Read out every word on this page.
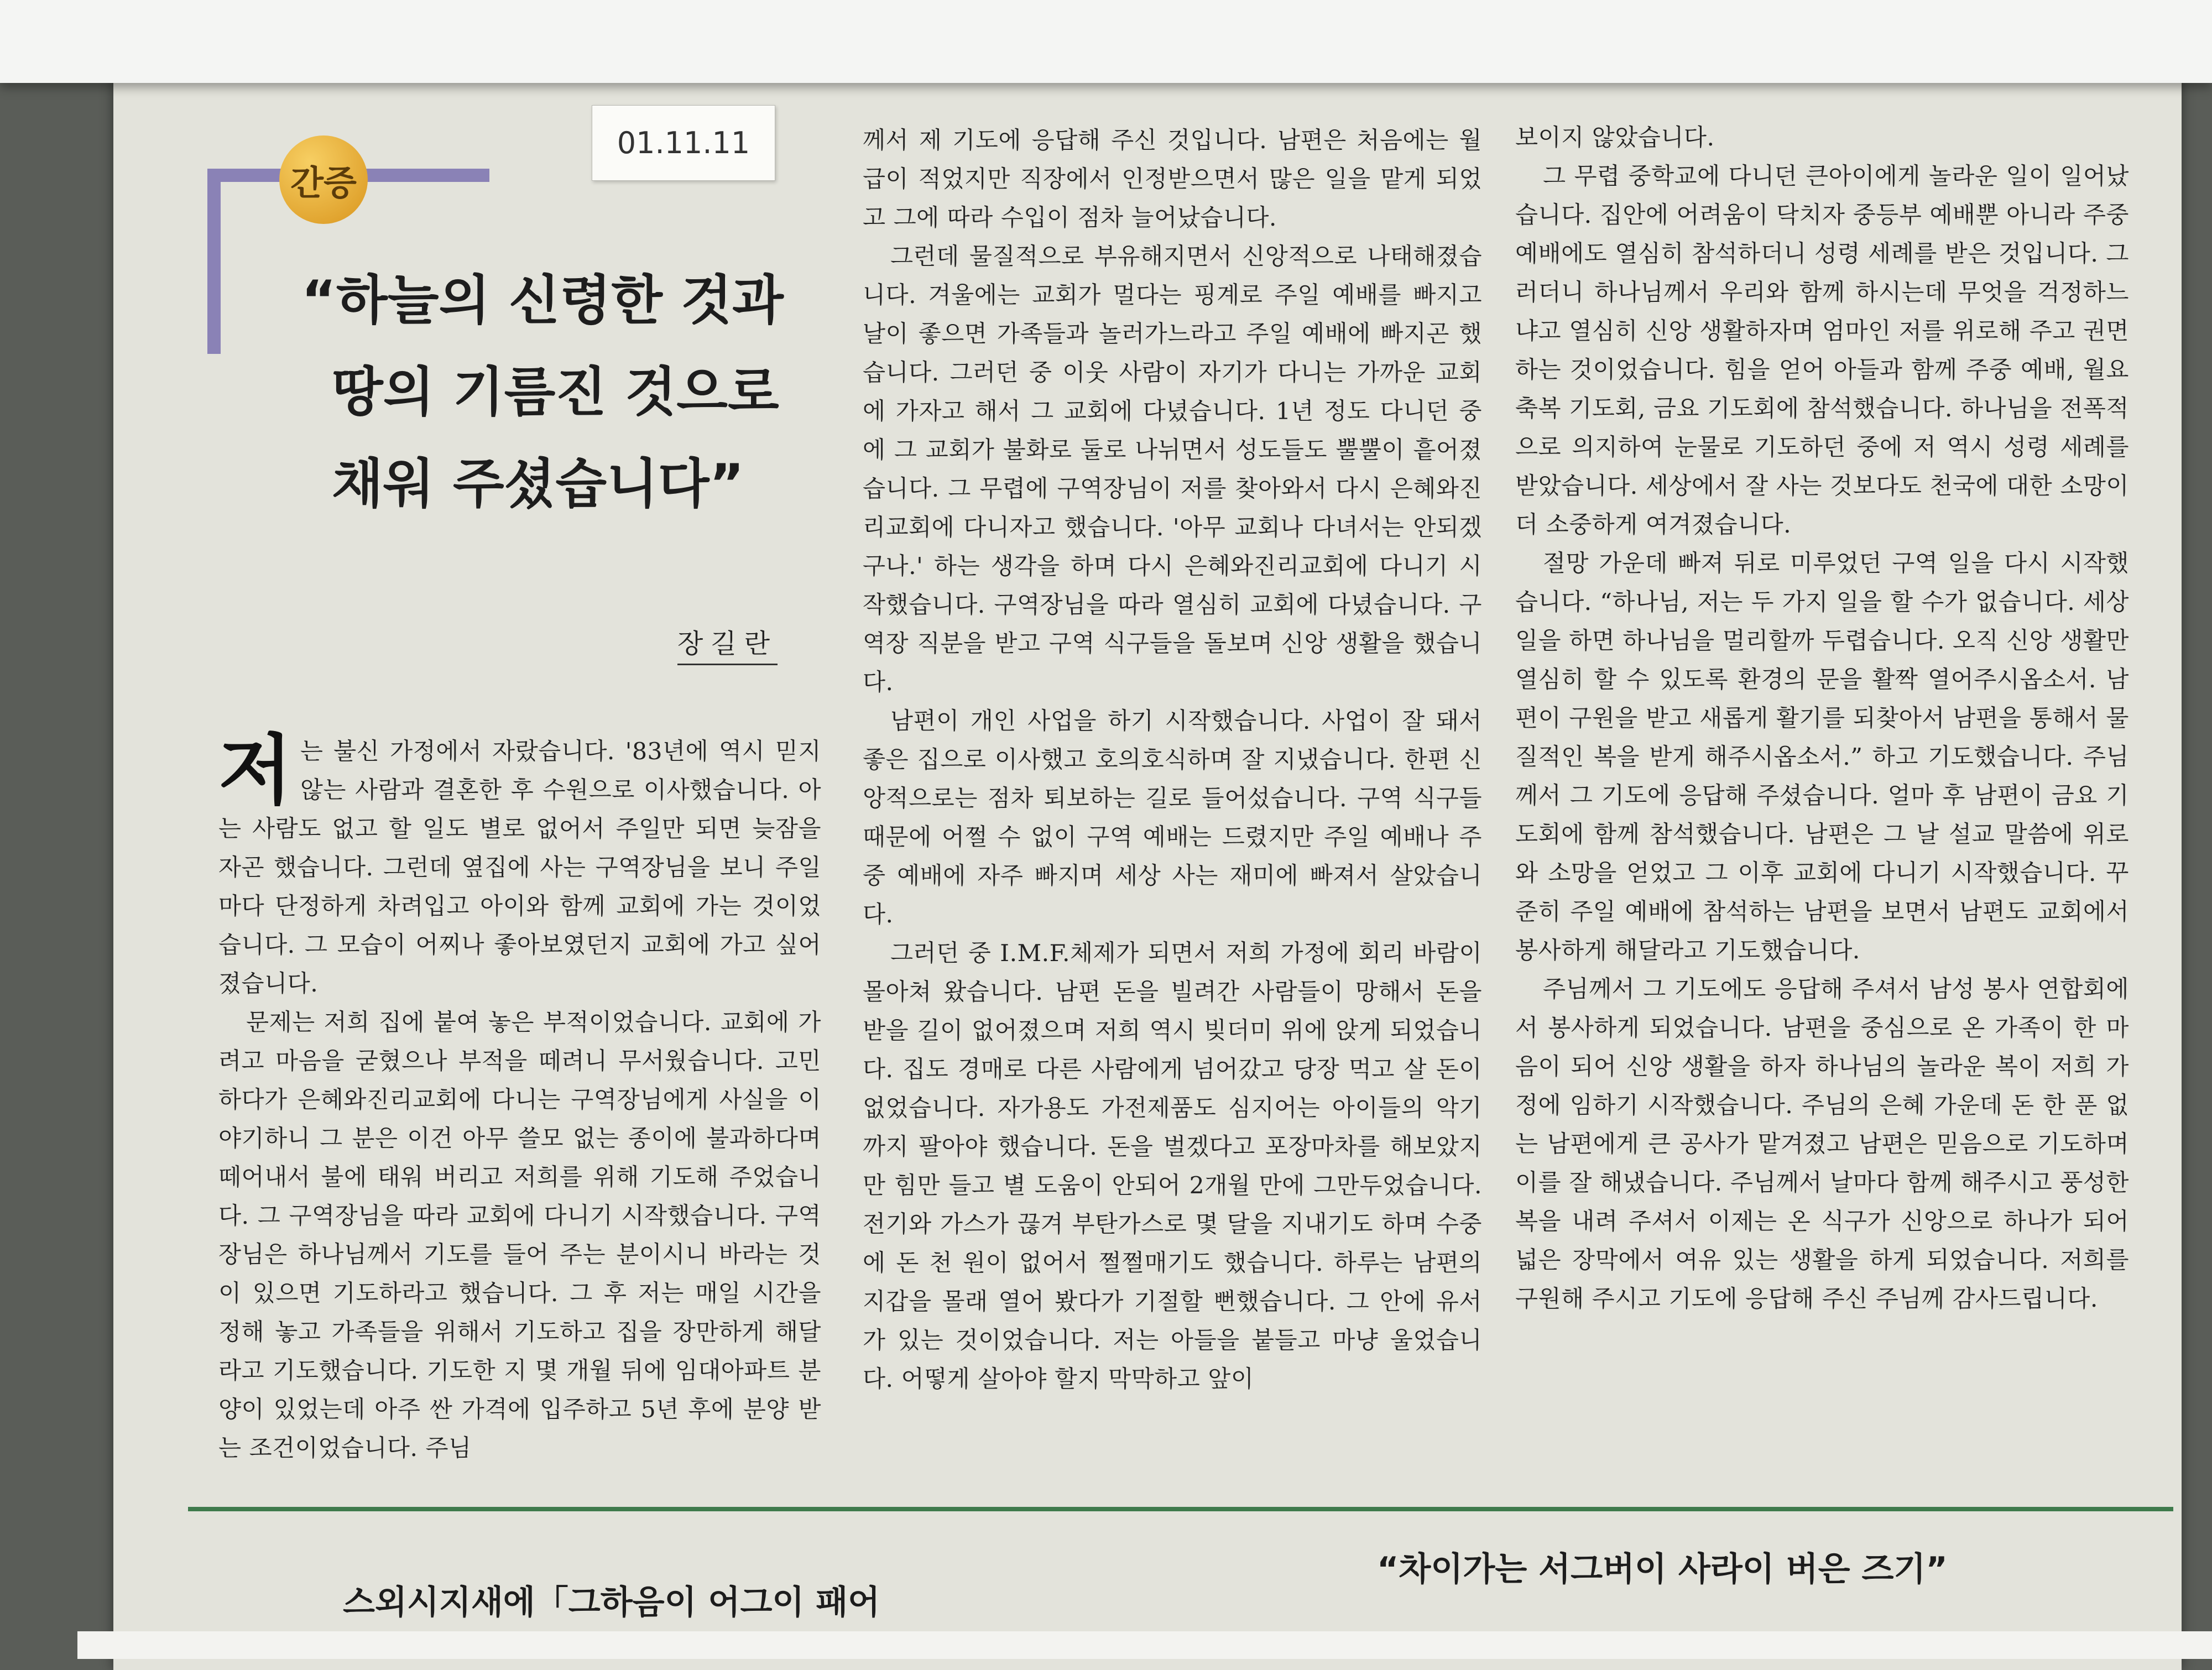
01.11.11
간증
“하늘의 신령한 것과
땅의 기름진 것으로
채워 주셨습니다”
장길란

저는 불신 가정에서 자랐습니다. '83년에 역시 믿지 않는 사람과 결혼한 후 수원으로 이사했습니다. 아는 사람도 없고 할 일도 별로 없어서 주일만 되면 늦잠을 자곤 했습니다. 그런데 옆집에 사는 구역장님을 보니 주일마다 단정하게 차려입고 아이와 함께 교회에 가는 것이었습니다. 그 모습이 어찌나 좋아보였던지 교회에 가고 싶어졌습니다.

문제는 저희 집에 붙여 놓은 부적이었습니다. 교회에 가려고 마음을 굳혔으나 부적을 떼려니 무서웠습니다. 고민하다가 은혜와진리교회에 다니는 구역장님에게 사실을 이야기하니 그 분은 이건 아무 쓸모 없는 종이에 불과하다며 떼어내서 불에 태워 버리고 저희를 위해 기도해 주었습니다. 그 구역장님을 따라 교회에 다니기 시작했습니다. 구역장님은 하나님께서 기도를 들어 주는 분이시니 바라는 것이 있으면 기도하라고 했습니다. 그 후 저는 매일 시간을 정해 놓고 가족들을 위해서 기도하고 집을 장만하게 해달라고 기도했습니다. 기도한 지 몇 개월 뒤에 임대아파트 분양이 있었는데 아주 싼 가격에 입주하고 5년 후에 분양 받는 조건이었습니다. 주님

께서 제 기도에 응답해 주신 것입니다. 남편은 처음에는 월급이 적었지만 직장에서 인정받으면서 많은 일을 맡게 되었고 그에 따라 수입이 점차 늘어났습니다.

그런데 물질적으로 부유해지면서 신앙적으로 나태해졌습니다. 겨울에는 교회가 멀다는 핑계로 주일 예배를 빠지고 날이 좋으면 가족들과 놀러가느라고 주일 예배에 빠지곤 했습니다. 그러던 중 이웃 사람이 자기가 다니는 가까운 교회에 가자고 해서 그 교회에 다녔습니다. 1년 정도 다니던 중에 그 교회가 불화로 둘로 나뉘면서 성도들도 뿔뿔이 흩어졌습니다. 그 무렵에 구역장님이 저를 찾아와서 다시 은혜와진리교회에 다니자고 했습니다. '아무 교회나 다녀서는 안되겠구나.' 하는 생각을 하며 다시 은혜와진리교회에 다니기 시작했습니다. 구역장님을 따라 열심히 교회에 다녔습니다. 구역장 직분을 받고 구역 식구들을 돌보며 신앙 생활을 했습니다.

남편이 개인 사업을 하기 시작했습니다. 사업이 잘 돼서 좋은 집으로 이사했고 호의호식하며 잘 지냈습니다. 한편 신앙적으로는 점차 퇴보하는 길로 들어섰습니다. 구역 식구들 때문에 어쩔 수 없이 구역 예배는 드렸지만 주일 예배나 주중 예배에 자주 빠지며 세상 사는 재미에 빠져서 살았습니다.

그러던 중 I.M.F.체제가 되면서 저희 가정에 회리 바람이 몰아쳐 왔습니다. 남편 돈을 빌려간 사람들이 망해서 돈을 받을 길이 없어졌으며 저희 역시 빚더미 위에 앉게 되었습니다. 집도 경매로 다른 사람에게 넘어갔고 당장 먹고 살 돈이 없었습니다. 자가용도 가전제품도 심지어는 아이들의 악기까지 팔아야 했습니다. 돈을 벌겠다고 포장마차를 해보았지만 힘만 들고 별 도움이 안되어 2개월 만에 그만두었습니다. 전기와 가스가 끊겨 부탄가스로 몇 달을 지내기도 하며 수중에 돈 천 원이 없어서 쩔쩔매기도 했습니다. 하루는 남편의 지갑을 몰래 열어 봤다가 기절할 뻔했습니다. 그 안에 유서가 있는 것이었습니다. 저는 아들을 붙들고 마냥 울었습니다. 어떻게 살아야 할지 막막하고 앞이

보이지 않았습니다.

그 무렵 중학교에 다니던 큰아이에게 놀라운 일이 일어났습니다. 집안에 어려움이 닥치자 중등부 예배뿐 아니라 주중 예배에도 열심히 참석하더니 성령 세례를 받은 것입니다. 그러더니 하나님께서 우리와 함께 하시는데 무엇을 걱정하느냐고 열심히 신앙 생활하자며 엄마인 저를 위로해 주고 권면하는 것이었습니다. 힘을 얻어 아들과 함께 주중 예배, 월요 축복 기도회, 금요 기도회에 참석했습니다. 하나님을 전폭적으로 의지하여 눈물로 기도하던 중에 저 역시 성령 세례를 받았습니다. 세상에서 잘 사는 것보다도 천국에 대한 소망이 더 소중하게 여겨졌습니다.

절망 가운데 빠져 뒤로 미루었던 구역 일을 다시 시작했습니다. “하나님, 저는 두 가지 일을 할 수가 없습니다. 세상일을 하면 하나님을 멀리할까 두렵습니다. 오직 신앙 생활만 열심히 할 수 있도록 환경의 문을 활짝 열어주시옵소서. 남편이 구원을 받고 새롭게 활기를 되찾아서 남편을 통해서 물질적인 복을 받게 해주시옵소서.” 하고 기도했습니다. 주님께서 그 기도에 응답해 주셨습니다. 얼마 후 남편이 금요 기도회에 함께 참석했습니다. 남편은 그 날 설교 말씀에 위로와 소망을 얻었고 그 이후 교회에 다니기 시작했습니다. 꾸준히 주일 예배에 참석하는 남편을 보면서 남편도 교회에서 봉사하게 해달라고 기도했습니다.

주님께서 그 기도에도 응답해 주셔서 남성 봉사 연합회에서 봉사하게 되었습니다. 남편을 중심으로 온 가족이 한 마음이 되어 신앙 생활을 하자 하나님의 놀라운 복이 저희 가정에 임하기 시작했습니다. 주님의 은혜 가운데 돈 한 푼 없는 남편에게 큰 공사가 맡겨졌고 남편은 믿음으로 기도하며 이를 잘 해냈습니다. 주님께서 날마다 함께 해주시고 풍성한 복을 내려 주셔서 이제는 온 식구가 신앙으로 하나가 되어 넓은 장막에서 여유 있는 생활을 하게 되었습니다. 저희를 구원해 주시고 기도에 응답해 주신 주님께 감사드립니다.

스외시지새에「그하음이 어그이 패어
“차이가는 서그버이 사라이 버은 즈기”
